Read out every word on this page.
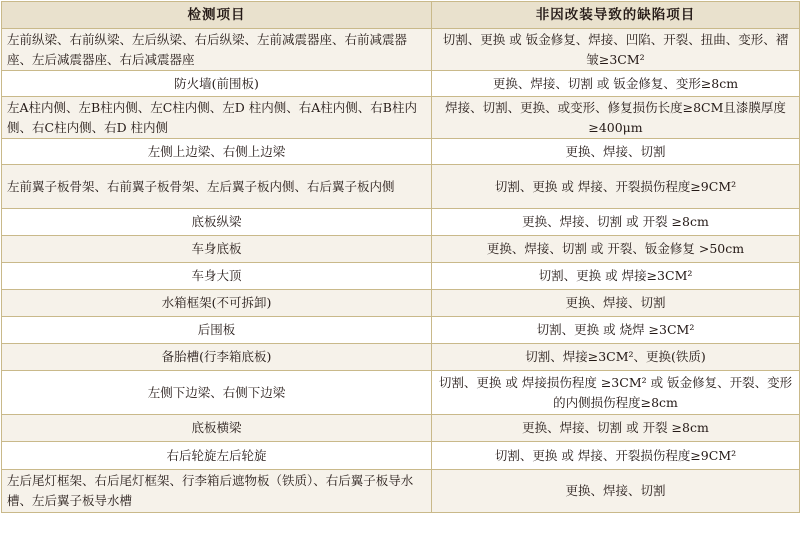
检测项目	非因改装导致的缺陷项目
左前纵梁、右前纵梁、左后纵梁、右后纵梁、左前减震器座、右前减震器座、左后减震器座、右后减震器座	切割、更换 或 钣金修复、焊接、凹陷、开裂、扭曲、变形、褶皱≥3CM²
防火墙(前围板)	更换、焊接、切割 或 钣金修复、变形≥8cm
左A柱内侧、左B柱内侧、左C柱内侧、左D 柱内侧、右A柱内侧、右B柱内侧、右C柱内侧、右D 柱内侧	焊接、切割、更换、或变形、修复损伤长度≥8CM且漆膜厚度≥400μm
左侧上边梁、右侧上边梁	更换、焊接、切割
左前翼子板骨架、右前翼子板骨架、左后翼子板内侧、右后翼子板内侧	切割、更换 或 焊接、开裂损伤程度≥9CM²
底板纵梁	更换、焊接、切割 或 开裂 ≥8cm
车身底板	更换、焊接、切割 或 开裂、钣金修复 >50cm
车身大顶	切割、更换 或 焊接≥3CM²
水箱框架(不可拆卸)	更换、焊接、切割
后围板	切割、更换 或 烧焊 ≥3CM²
备胎槽(行李箱底板)	切割、焊接≥3CM²、更换(铁质)
左侧下边梁、右侧下边梁	切割、更换 或 焊接损伤程度 ≥3CM² 或 钣金修复、开裂、变形的内侧损伤程度≥8cm
底板横梁	更换、焊接、切割 或 开裂 ≥8cm
右后轮旋左后轮旋	切割、更换 或 焊接、开裂损伤程度≥9CM²
左后尾灯框架、右后尾灯框架、行李箱后遮物板（铁质）、右后翼子板导水槽、左后翼子板导水槽	更换、焊接、切割
